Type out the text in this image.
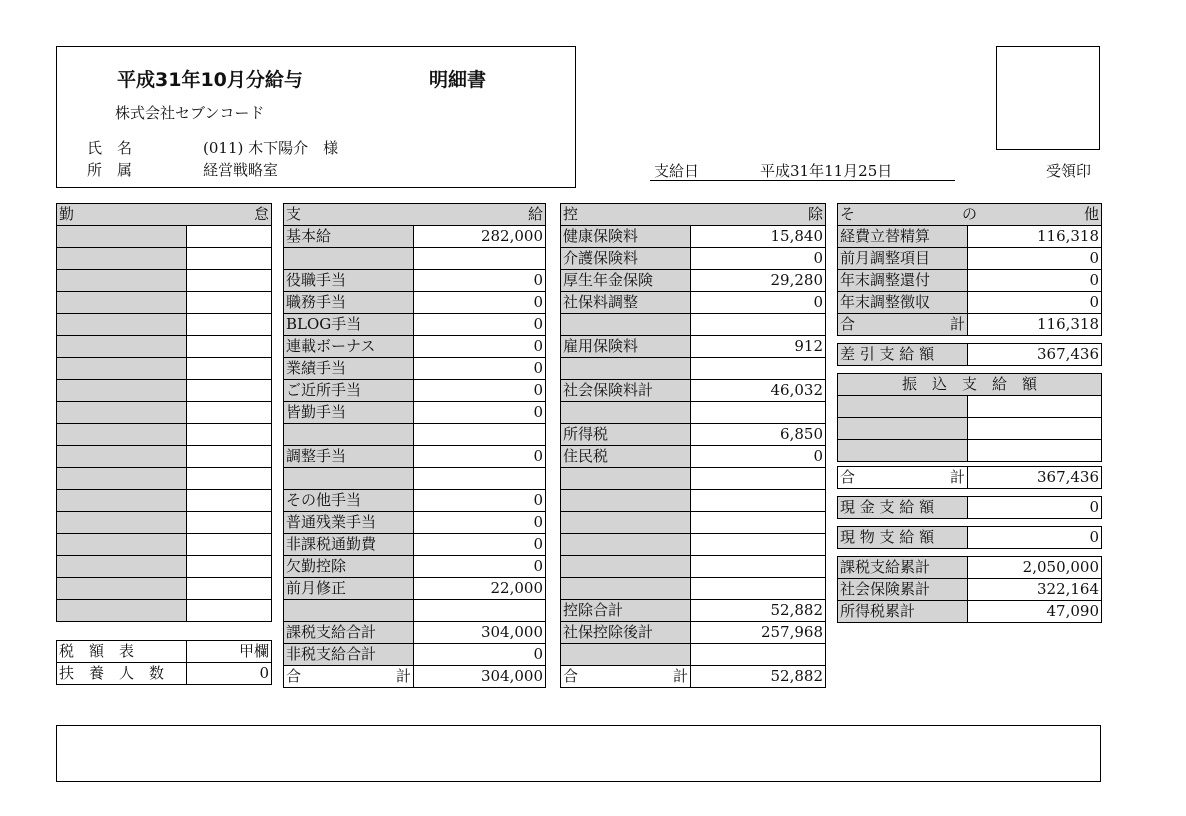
平成31年10月分給与	明細書
株式会社セブンコード
氏　名	(011) 木下陽介　様
所　属	経営戦略室	支給日	平成31年11月25日	受領印
勤 怠	

税　額　表	甲欄
扶　養　人　数	0
支 給	

基本給	282,000

役職手当	0
職務手当	0
BLOG手当	0
連載ボーナス	0
業績手当	0
ご近所手当	0
皆勤手当	0

調整手当	0

その他手当	0
普通残業手当	0
非課税通勤費	0
欠勤控除	0
前月修正	22,000

課税支給合計	304,000
非税支給合計	0

合 計	304,000
控 除	

健康保険料	15,840
介護保険料	0
厚生年金保険	29,280
社保料調整	0

雇用保険料	912

社会保険料計	46,032

所得税	6,850
住民税	0

控除合計	52,882
社保控除後計	257,968

合 計	52,882
そ の 他	

経費立替精算	116,318
前月調整項目	0
年末調整還付	0
年末調整徴収	0

合 計	116,318

差 引 支 給 額	367,436

振　込　支　給　額	

合 計	367,436

現 金 支 給 額	0

現 物 支 給 額	0

課税支給累計	2,050,000
社会保険累計	322,164
所得税累計	47,090
